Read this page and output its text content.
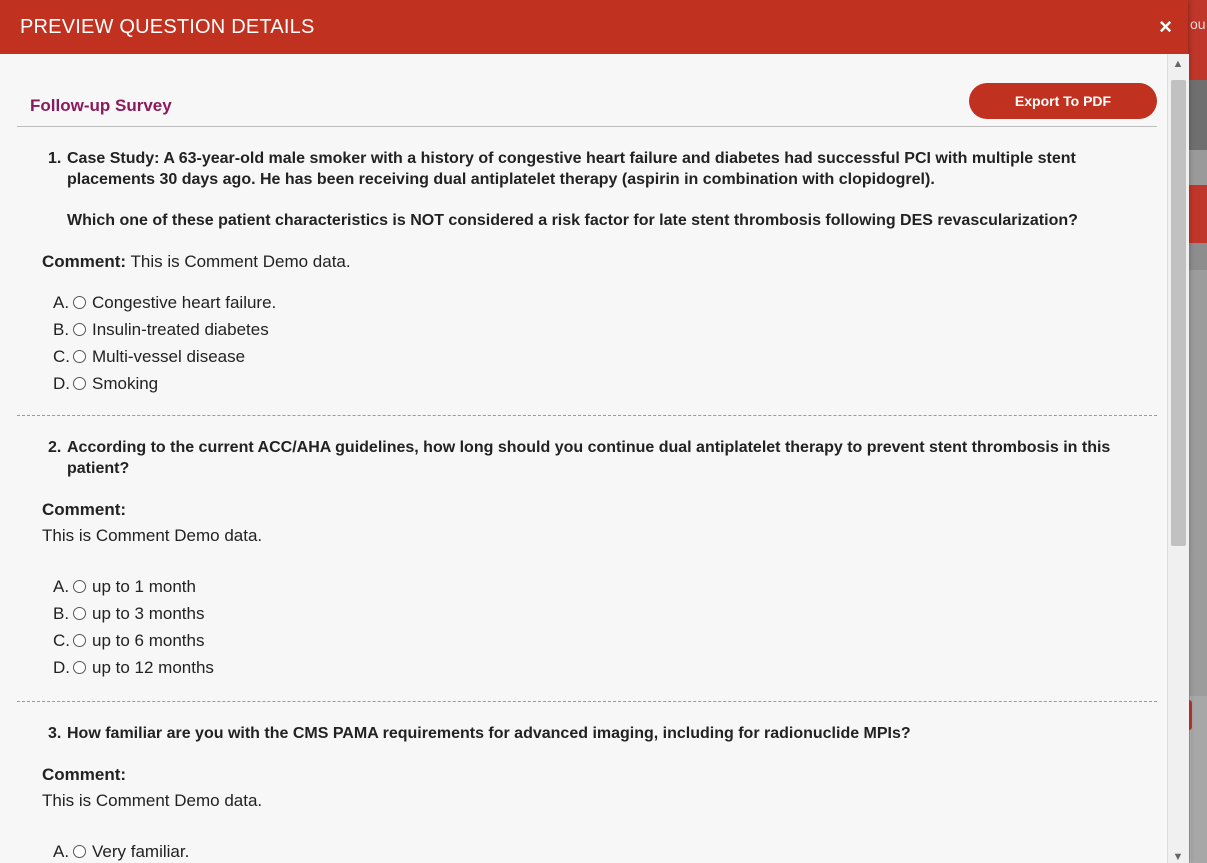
ou
PREVIEW QUESTION DETAILS	×
Follow-up Survey	Export To PDF
1. Case Study: A 63-year-old male smoker with a history of congestive heart failure and diabetes had successful PCI with multiple stent placements 30 days ago. He has been receiving dual antiplatelet therapy (aspirin in combination with clopidogrel).
Which one of these patient characteristics is NOT considered a risk factor for late stent thrombosis following DES revascularization?
Comment: This is Comment Demo data.
A. Congestive heart failure.
B. Insulin-treated diabetes
C. Multi-vessel disease
D. Smoking
2. According to the current ACC/AHA guidelines, how long should you continue dual antiplatelet therapy to prevent stent thrombosis in this patient?
Comment:
This is Comment Demo data.
A. up to 1 month
B. up to 3 months
C. up to 6 months
D. up to 12 months
3. How familiar are you with the CMS PAMA requirements for advanced imaging, including for radionuclide MPIs?
Comment:
This is Comment Demo data.
A. Very familiar.
▲
▼
